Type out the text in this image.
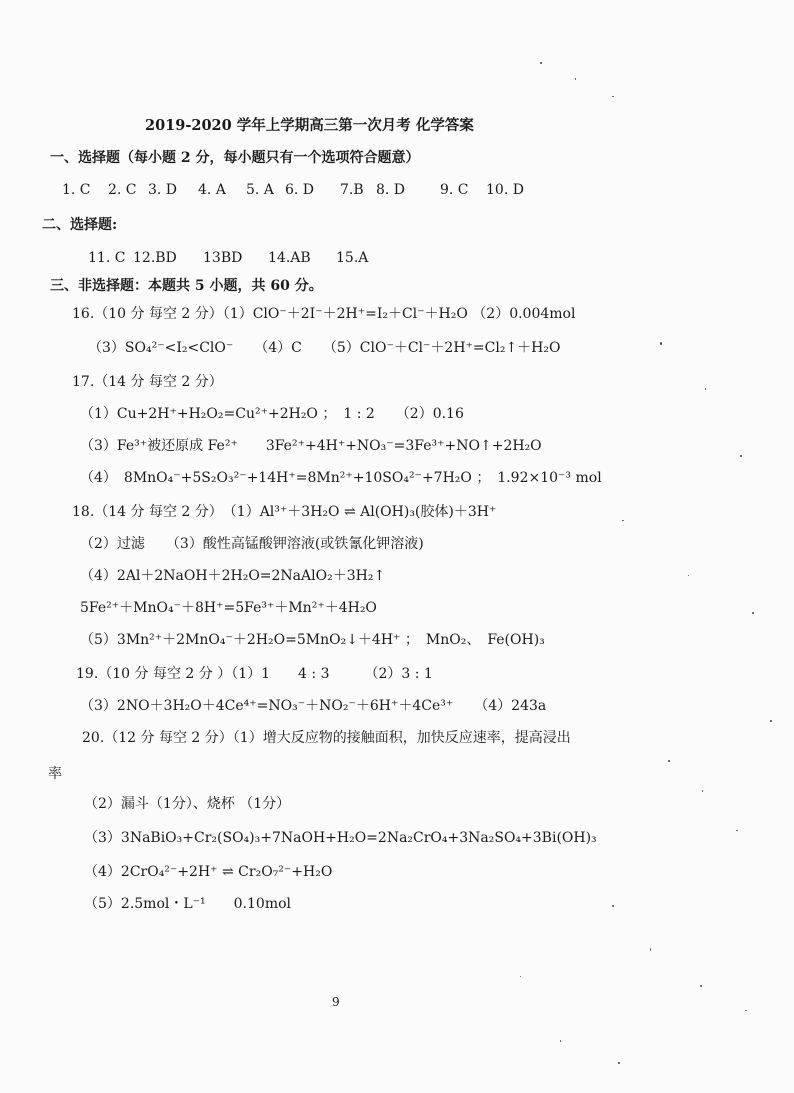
2019-2020 学年上学期高三第一次月考 化学答案
一、选择题（每小题 2 分，每小题只有一个选项符合题意）
1. C 2. C 3. D 4. A 5. A 6. D 7.B 8. D 9. C 10. D
二、选择题:
11. C 12.BD 13BD 14.AB 15.A
三、非选择题：本题共 5 小题，共 60 分。
16.（10 分 每空 2 分）（1）ClO⁻＋2I⁻＋2H⁺=I₂＋Cl⁻＋H₂O （2）0.004mol
（3）SO₄²⁻<I₂<ClO⁻　　（4）C　　（5）ClO⁻＋Cl⁻＋2H⁺=Cl₂↑＋H₂O
17.（14 分 每空 2 分）
（1）Cu+2H⁺+H₂O₂=Cu²⁺+2H₂O ；　1 : 2　　（2）0.16
（3）Fe³⁺被还原成 Fe²⁺　　3Fe²⁺+4H⁺+NO₃⁻=3Fe³⁺+NO↑+2H₂O
（4）　8MnO₄⁻+5S₂O₃²⁻+14H⁺=8Mn²⁺+10SO₄²⁻+7H₂O ；　1.92×10⁻³ mol
18.（14 分 每空 2 分）　（1）Al³⁺＋3H₂O ⇌ Al(OH)₃(胶体)＋3H⁺
（2）过滤　　（3）酸性高锰酸钾溶液(或铁氰化钾溶液)
（4）2Al＋2NaOH＋2H₂O=2NaAlO₂＋3H₂↑
5Fe²⁺＋MnO₄⁻＋8H⁺=5Fe³⁺＋Mn²⁺＋4H₂O
（5）3Mn²⁺＋2MnO₄⁻＋2H₂O=5MnO₂↓＋4H⁺ ；　MnO₂、　Fe(OH)₃
19.（10 分 每空 2 分 ）（1）1　　4 : 3　　　（2）3 : 1
（3）2NO＋3H₂O＋4Ce⁴⁺=NO₃⁻＋NO₂⁻＋6H⁺＋4Ce³⁺　　（4）243a
20.（12 分 每空 2 分）（1）增大反应物的接触面积，加快反应速率，提高浸出
率
（2）漏斗（1分）、烧杯 （1分）
（3）3NaBiO₃+Cr₂(SO₄)₃+7NaOH+H₂O=2Na₂CrO₄+3Na₂SO₄+3Bi(OH)₃
（4）2CrO₄²⁻+2H⁺ ⇌ Cr₂O₇²⁻+H₂O
（5）2.5mol・L⁻¹　　0.10mol
9
